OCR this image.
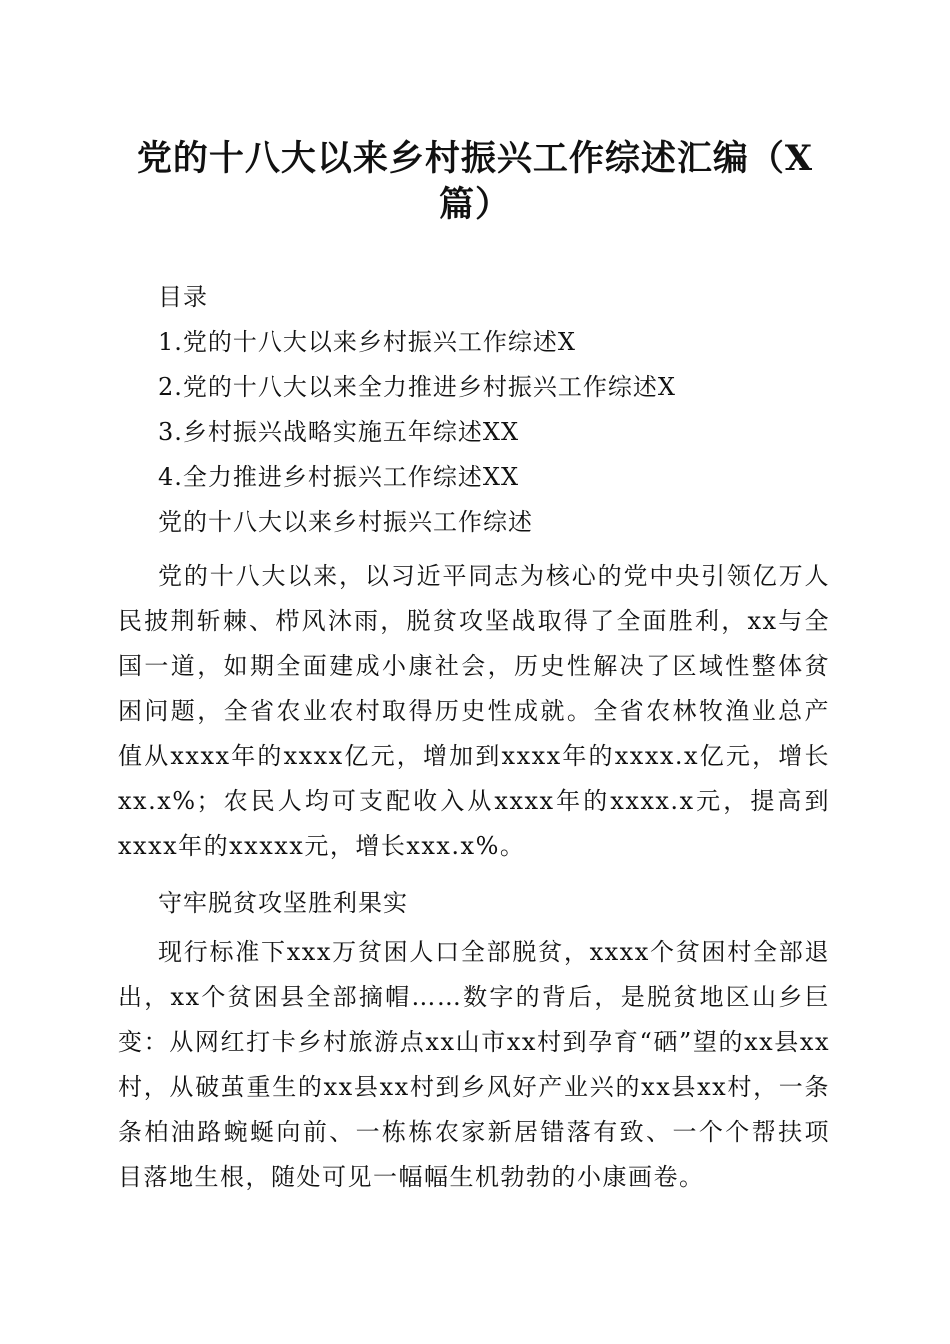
党的十八大以来乡村振兴工作综述汇编（X篇）

目录

1.党的十八大以来乡村振兴工作综述X

2.党的十八大以来全力推进乡村振兴工作综述X

3.乡村振兴战略实施五年综述XX

4.全力推进乡村振兴工作综述XX

党的十八大以来乡村振兴工作综述

党的十八大以来，以习近平同志为核心的党中央引领亿万人民披荆斩棘、栉风沐雨，脱贫攻坚战取得了全面胜利，xx与全国一道，如期全面建成小康社会，历史性解决了区域性整体贫困问题，全省农业农村取得历史性成就。全省农林牧渔业总产值从xxxx年的xxxx亿元，增加到xxxx年的xxxx.x亿元，增长xx.x%；农民人均可支配收入从xxxx年的xxxx.x元，提高到xxxx年的xxxxx元，增长xxx.x%。

守牢脱贫攻坚胜利果实

现行标准下xxx万贫困人口全部脱贫，xxxx个贫困村全部退出，xx个贫困县全部摘帽……数字的背后，是脱贫地区山乡巨变：从网红打卡乡村旅游点xx山市xx村到孕育“硒”望的xx县xx村，从破茧重生的xx县xx村到乡风好产业兴的xx县xx村，一条条柏油路蜿蜒向前、一栋栋农家新居错落有致、一个个帮扶项目落地生根，随处可见一幅幅生机勃勃的小康画卷。
